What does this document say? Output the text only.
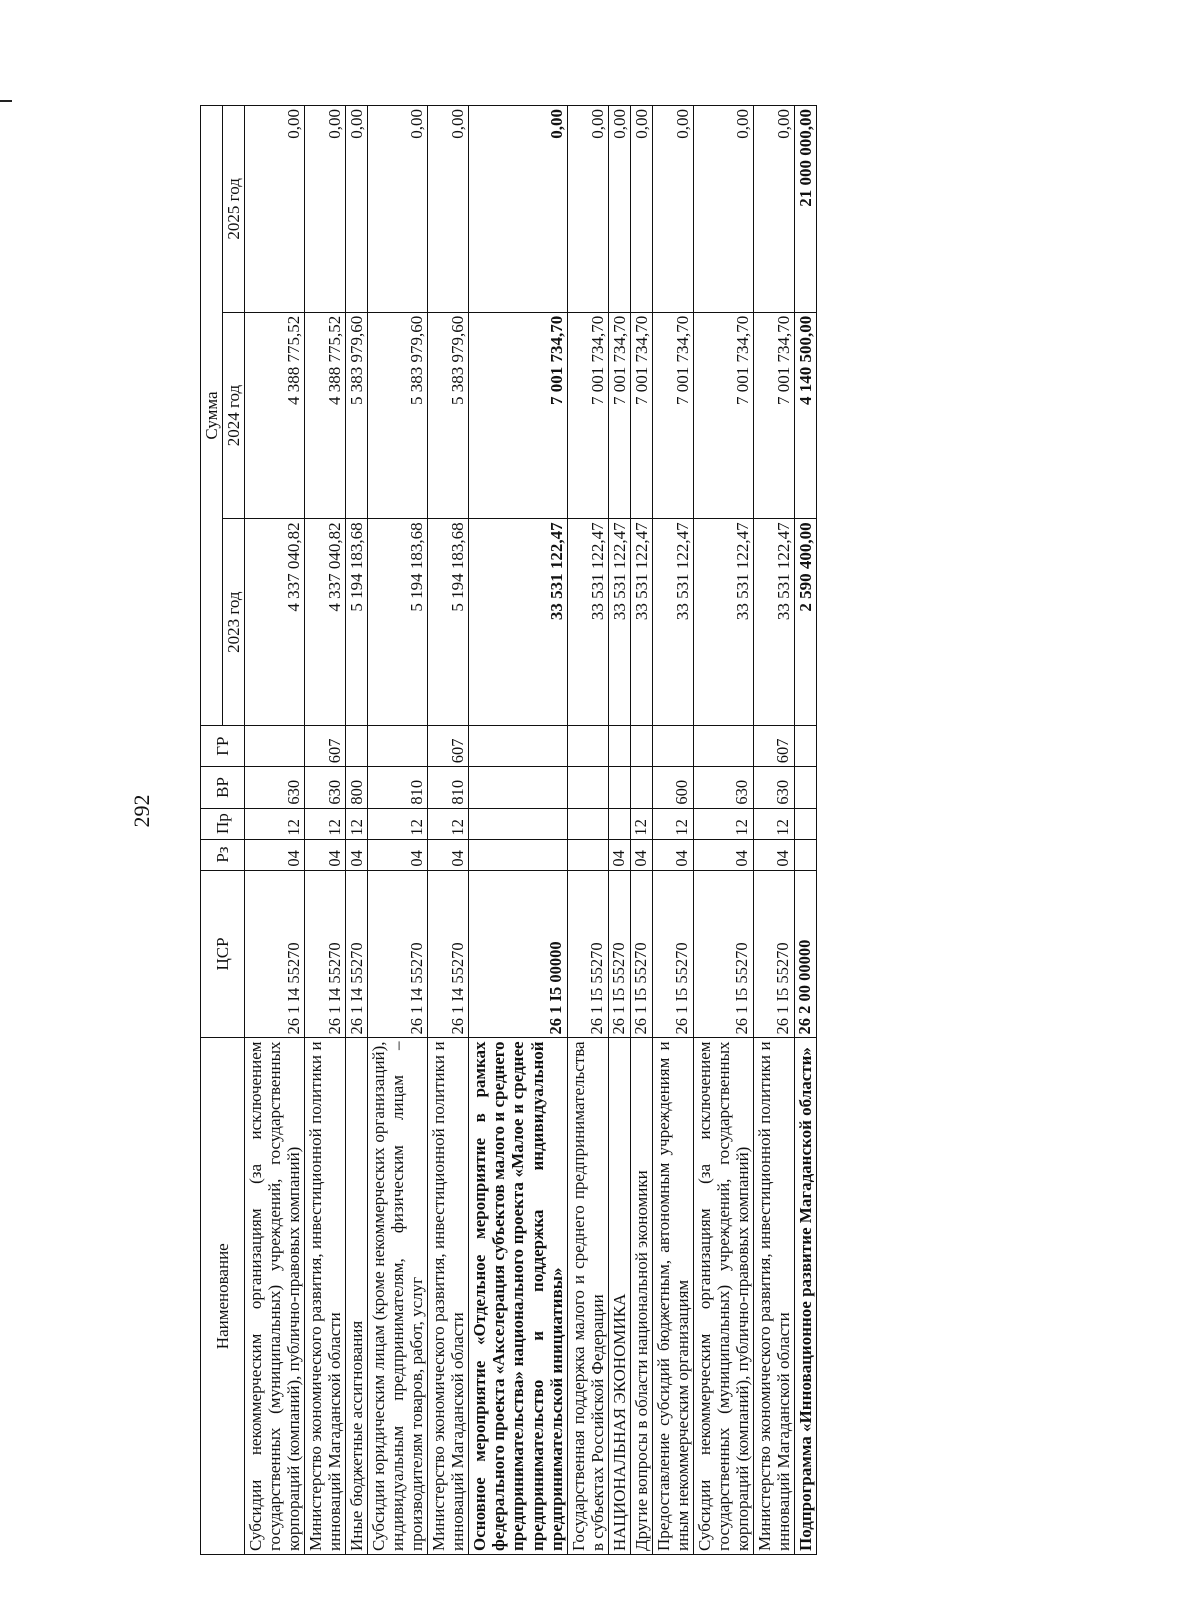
292
Наименование	ЦСР	Рз	Пр	ВР	ГР	Сумма		
						2023 год	2024 год	2025 год
Субсидии некоммерческим организациям (за исключением государственных (муниципальных) учреждений, государственных корпораций (компаний), публично-правовых компаний)	26 1 I4 55270	04	12	630		4 337 040,82	4 388 775,52	0,00
Министерство экономического развития, инвестиционной политики и инноваций Магаданской области	26 1 I4 55270	04	12	630	607	4 337 040,82	4 388 775,52	0,00
Иные бюджетные ассигнования	26 1 I4 55270	04	12	800		5 194 183,68	5 383 979,60	0,00
Субсидии юридическим лицам (кроме некоммерческих организаций), индивидуальным предпринимателям, физическим лицам – производителям товаров, работ, услуг	26 1 I4 55270	04	12	810		5 194 183,68	5 383 979,60	0,00
Министерство экономического развития, инвестиционной политики и инноваций Магаданской области	26 1 I4 55270	04	12	810	607	5 194 183,68	5 383 979,60	0,00
Основное мероприятие «Отдельное мероприятие в рамках федерального проекта «Акселерация субъектов малого и среднего предпринимательства» национального проекта «Малое и среднее предпринимательство и поддержка индивидуальной предпринимательской инициативы»	26 1 I5 00000					33 531 122,47	7 001 734,70	0,00
Государственная поддержка малого и среднего предпринимательства в субъектах Российской Федерации	26 1 I5 55270					33 531 122,47	7 001 734,70	0,00
НАЦИОНАЛЬНАЯ ЭКОНОМИКА	26 1 I5 55270	04				33 531 122,47	7 001 734,70	0,00
Другие вопросы в области национальной экономики	26 1 I5 55270	04	12			33 531 122,47	7 001 734,70	0,00
Предоставление субсидий бюджетным, автономным учреждениям и иным некоммерческим организациям	26 1 I5 55270	04	12	600		33 531 122,47	7 001 734,70	0,00
Субсидии некоммерческим организациям (за исключением государственных (муниципальных) учреждений, государственных корпораций (компаний), публично-правовых компаний)	26 1 I5 55270	04	12	630		33 531 122,47	7 001 734,70	0,00
Министерство экономического развития, инвестиционной политики и инноваций Магаданской области	26 1 I5 55270	04	12	630	607	33 531 122,47	7 001 734,70	0,00
Подпрограмма «Инновационное развитие Магаданской области»	26 2 00 00000					2 590 400,00	4 140 500,00	21 000 000,00
